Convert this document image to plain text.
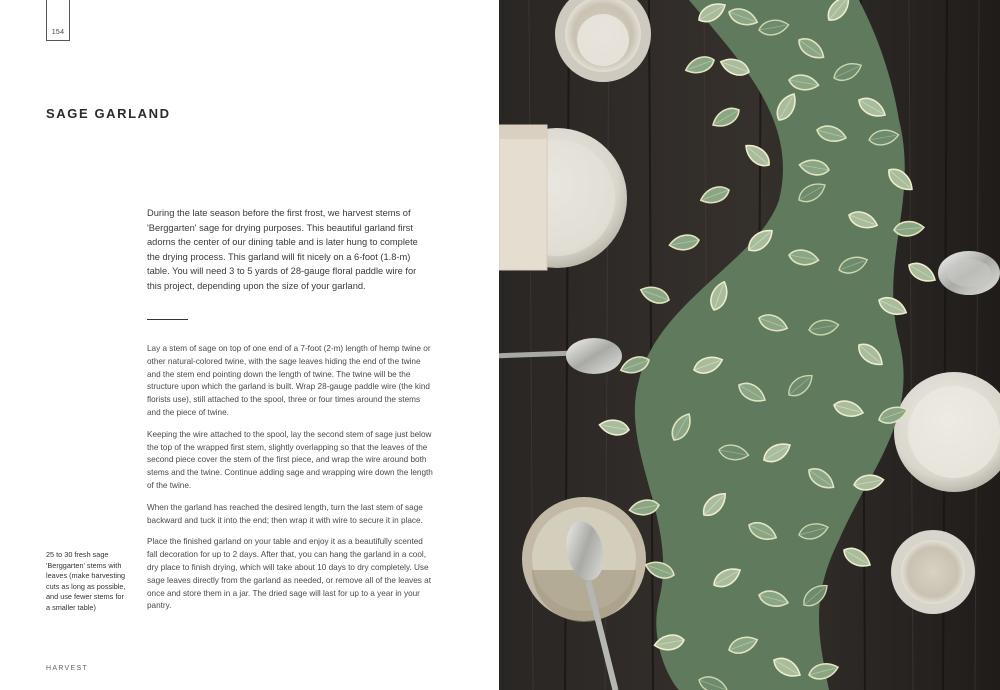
154
SAGE GARLAND

During the late season before the first frost, we harvest stems of 'Berggarten' sage for drying purposes. This beautiful garland first adorns the center of our dining table and is later hung to complete the drying process. This garland will fit nicely on a 6-foot (1.8-m) table. You will need 3 to 5 yards of 28-gauge floral paddle wire for this project, depending upon the size of your garland.

Lay a stem of sage on top of one end of a 7-foot (2-m) length of hemp twine or other natural-colored twine, with the sage leaves hiding the end of the twine and the stem end pointing down the length of twine. The twine will be the structure upon which the garland is built. Wrap 28-gauge paddle wire (the kind florists use), still attached to the spool, three or four times around the stems and the piece of twine.

Keeping the wire attached to the spool, lay the second stem of sage just below the top of the wrapped first stem, slightly overlapping so that the leaves of the second piece cover the stem of the first piece, and wrap the wire around both stems and the twine. Continue adding sage and wrapping wire down the length of the twine.

When the garland has reached the desired length, turn the last stem of sage backward and tuck it into the end; then wrap it with wire to secure it in place.

Place the finished garland on your table and enjoy it as a beautifully scented fall decoration for up to 2 days. After that, you can hang the garland in a cool, dry place to finish drying, which will take about 10 days to dry completely. Use sage leaves directly from the garland as needed, or remove all of the leaves at once and store them in a jar. The dried sage will last for up to a year in your pantry.

25 to 30 fresh sage 'Berggarten' stems with leaves (make harvesting cuts as long as possible, and use fewer stems for a smaller table)

HARVEST
